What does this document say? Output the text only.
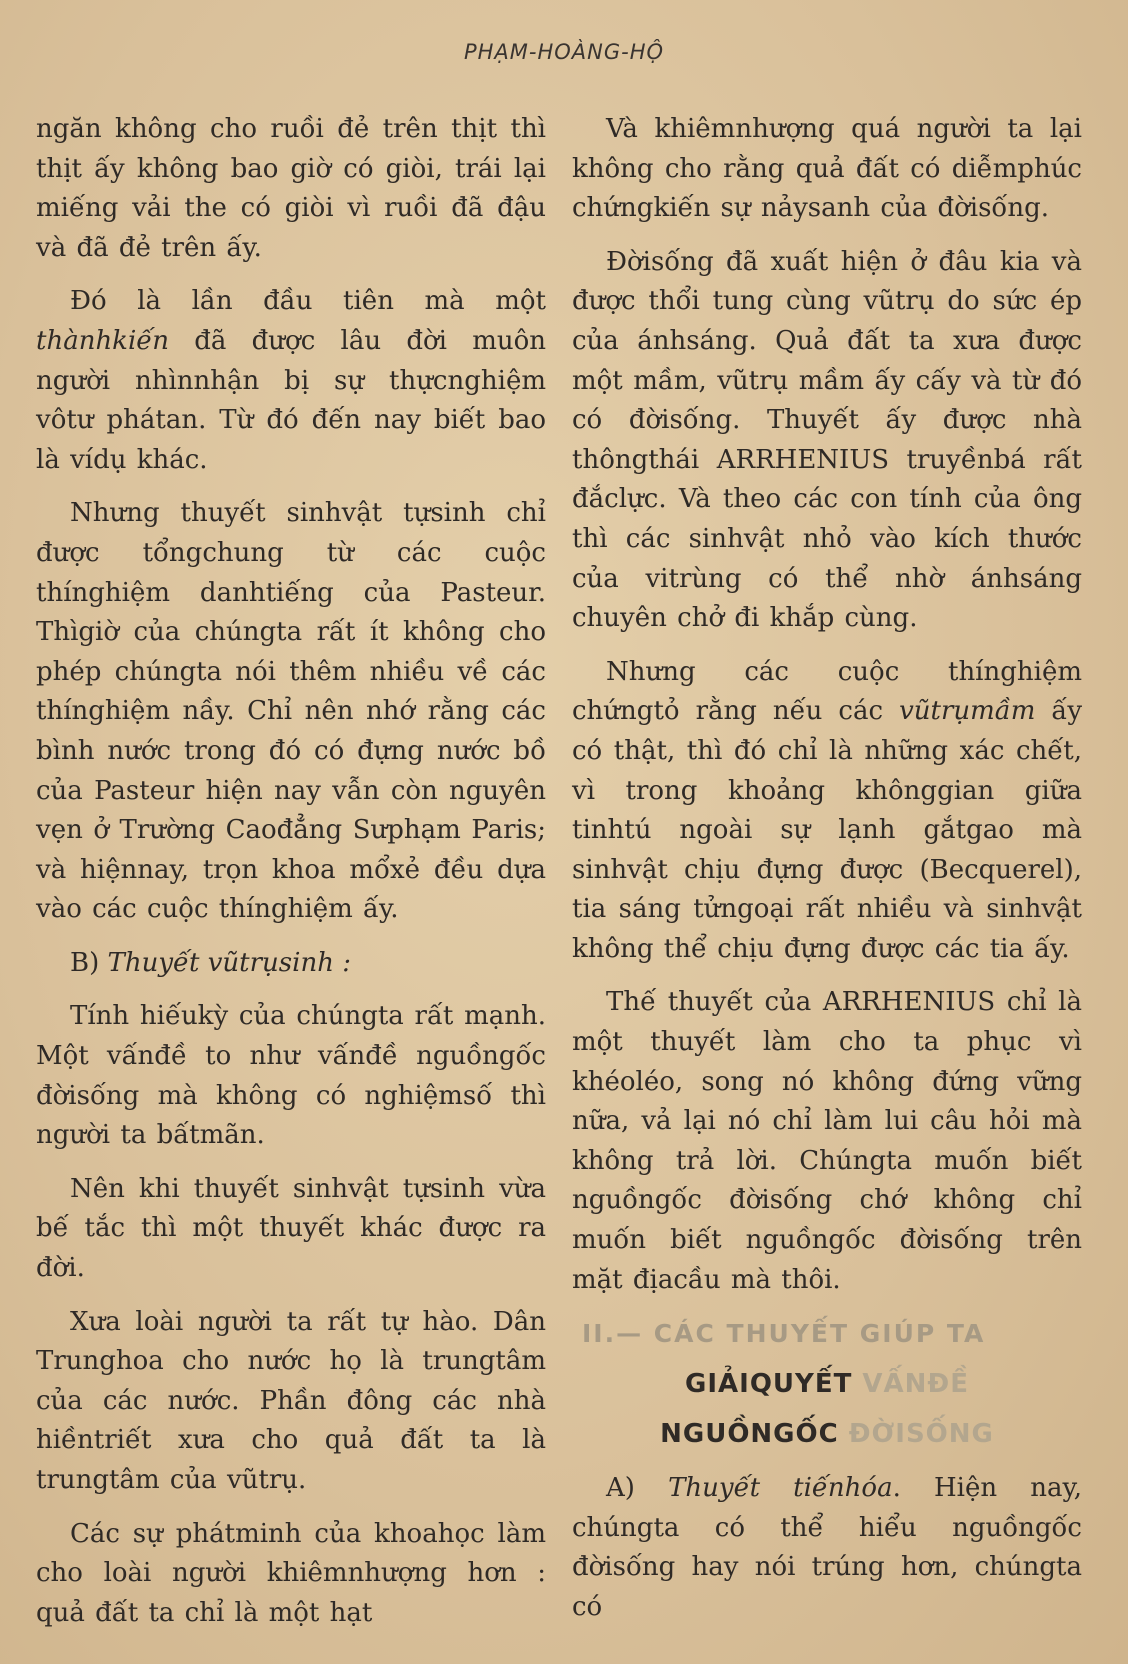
PHẠM-HOÀNG-HỘ

ngăn không cho ruồi đẻ trên thịt thì thịt ấy không bao giờ có giòi, trái lại miếng vải the có giòi vì ruồi đã đậu và đã đẻ trên ấy.

Đó là lần đầu tiên mà một thànhkiến đã được lâu đời muôn người nhìnnhận bị sự thựcnghiệm vôtư phátan. Từ đó đến nay biết bao là vídụ khác.

Nhưng thuyết sinhvật tựsinh chỉ được tổngchung từ các cuộc thínghiệm danhtiếng của Pasteur. Thìgiờ của chúngta rất ít không cho phép chúngta nói thêm nhiều về các thínghiệm nầy. Chỉ nên nhớ rằng các bình nước trong đó có đựng nước bồ của Pasteur hiện nay vẫn còn nguyên vẹn ở Trường Caođẳng Sưphạm Paris; và hiệnnay, trọn khoa mổxẻ đều dựa vào các cuộc thínghiệm ấy.

B) Thuyết vũtrụsinh :

Tính hiếukỳ của chúngta rất mạnh. Một vấnđề to như vấnđề nguồngốc đờisống mà không có nghiệmsố thì người ta bấtmãn.

Nên khi thuyết sinhvật tựsinh vừa bế tắc thì một thuyết khác được ra đời.

Xưa loài người ta rất tự hào. Dân Trunghoa cho nước họ là trungtâm của các nước. Phần đông các nhà hiềntriết xưa cho quả đất ta là trungtâm của vũtrụ.

Các sự phátminh của khoahọc làm cho loài người khiêmnhượng hơn : quả đất ta chỉ là một hạt

Và khiêmnhượng quá người ta lại không cho rằng quả đất có diễmphúc chứngkiến sự nảysanh của đờisống.

Đờisống đã xuất hiện ở đâu kia và được thổi tung cùng vũtrụ do sức ép của ánhsáng. Quả đất ta xưa được một mầm, vũtrụ mầm ấy cấy và từ đó có đờisống. Thuyết ấy được nhà thôngthái ARRHENIUS truyềnbá rất đắclực. Và theo các con tính của ông thì các sinhvật nhỏ vào kích thước của vitrùng có thể nhờ ánhsáng chuyên chở đi khắp cùng.

Nhưng các cuộc thínghiệm chứngtỏ rằng nếu các vũtrụmầm ấy có thật, thì đó chỉ là những xác chết, vì trong khoảng khônggian giữa tinhtú ngoài sự lạnh gắtgao mà sinhvật chịu đựng được (Becquerel), tia sáng tửngoại rất nhiều và sinhvật không thể chịu đựng được các tia ấy.

Thế thuyết của ARRHENIUS chỉ là một thuyết làm cho ta phục vì khéoléo, song nó không đứng vững nữa, vả lại nó chỉ làm lui câu hỏi mà không trả lời. Chúngta muốn biết nguồngốc đờisống chớ không chỉ muốn biết nguồngốc đờisống trên mặt địacầu mà thôi.

II.— CÁC THUYẾT GIÚP TA
GIẢIQUYẾT VẤNĐỀ
NGUỒNGỐC ĐỜISỐNG

A) Thuyết tiếnhóa. Hiện nay, chúngta có thể hiểu nguồngốc đờisống hay nói trúng hơn, chúngta có
